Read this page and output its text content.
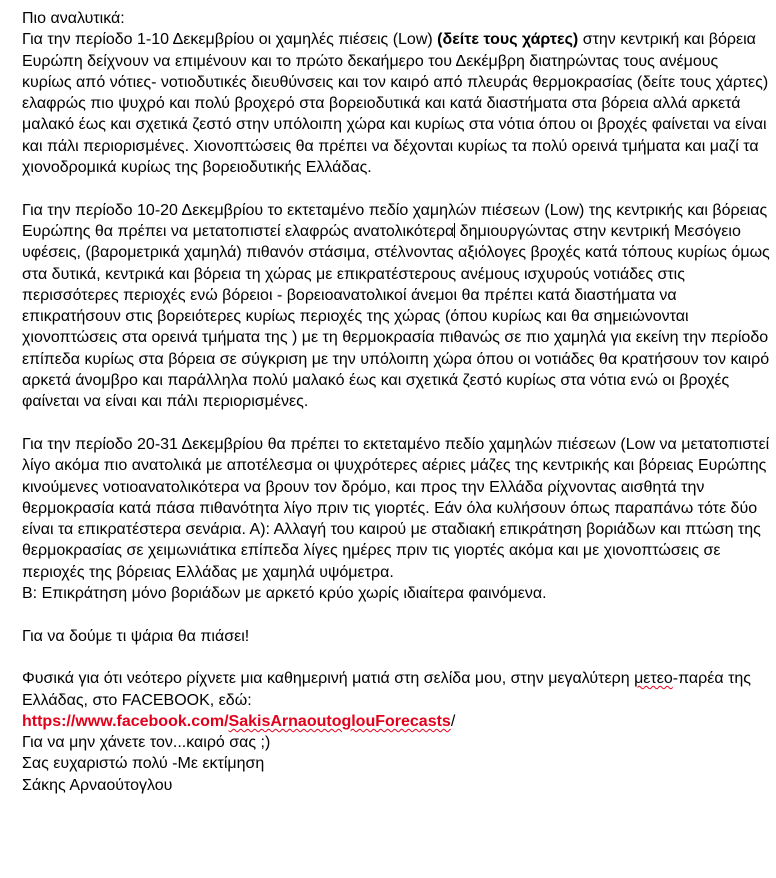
Πιο αναλυτικά:

Για την περίοδο 1-10 Δεκεμβρίου οι χαμηλές πιέσεις (Low) (δείτε τους χάρτες) στην κεντρική και βόρεια Ευρώπη δείχνουν να επιμένουν και το πρώτο δεκαήμερο του Δεκέμβρη διατηρώντας τους ανέμους κυρίως από νότιες- νοτιοδυτικές διευθύνσεις και τον καιρό από πλευράς θερμοκρασίας (δείτε τους χάρτες) ελαφρώς πιο ψυχρό και πολύ βροχερό στα βορειοδυτικά και κατά διαστήματα στα βόρεια αλλά αρκετά μαλακό έως και σχετικά ζεστό στην υπόλοιπη χώρα και κυρίως στα νότια όπου οι βροχές φαίνεται να είναι και πάλι περιορισμένες. Χιονοπτώσεις θα πρέπει να δέχονται κυρίως τα πολύ ορεινά τμήματα και μαζί τα χιονοδρομικά κυρίως της βορειοδυτικής Ελλάδας.

Για την περίοδο 10-20 Δεκεμβρίου το εκτεταμένο πεδίο χαμηλών πιέσεων (Low) της κεντρικής και βόρειας Ευρώπης θα πρέπει να μετατοπιστεί ελαφρώς ανατολικότερα δημιουργώντας στην κεντρική Μεσόγειο υφέσεις, (βαρομετρικά χαμηλά) πιθανόν στάσιμα, στέλνοντας αξιόλογες βροχές κατά τόπους κυρίως όμως στα δυτικά, κεντρικά και βόρεια τη χώρας με επικρατέστερους ανέμους ισχυρούς νοτιάδες στις περισσότερες περιοχές ενώ βόρειοι - βορειοανατολικοί άνεμοι θα πρέπει κατά διαστήματα να επικρατήσουν στις βορειότερες κυρίως περιοχές της χώρας (όπου κυρίως και θα σημειώνονται χιονοπτώσεις στα ορεινά τμήματα της ) με τη θερμοκρασία πιθανώς σε πιο χαμηλά για εκείνη την περίοδο επίπεδα κυρίως στα βόρεια σε σύγκριση με την υπόλοιπη χώρα όπου οι νοτιάδες θα κρατήσουν τον καιρό αρκετά άνομβρο και παράλληλα πολύ μαλακό έως και σχετικά ζεστό κυρίως στα νότια ενώ οι βροχές φαίνεται να είναι και πάλι περιορισμένες.

Για την περίοδο 20-31 Δεκεμβρίου θα πρέπει το εκτεταμένο πεδίο χαμηλών πιέσεων (Low να μετατοπιστεί λίγο ακόμα πιο ανατολικά με αποτέλεσμα οι ψυχρότερες αέριες μάζες της κεντρικής και βόρειας Ευρώπης κινούμενες νοτιοανατολικότερα να βρουν τον δρόμο, και προς την Ελλάδα ρίχνοντας αισθητά την θερμοκρασία κατά πάσα πιθανότητα λίγο πριν τις γιορτές. Εάν όλα κυλήσουν όπως παραπάνω τότε δύο είναι τα επικρατέστερα σενάρια. Α): Αλλαγή του καιρού με σταδιακή επικράτηση βοριάδων και πτώση της θερμοκρασίας σε χειμωνιάτικα επίπεδα λίγες ημέρες πριν τις γιορτές ακόμα και με χιονοπτώσεις σε περιοχές της βόρειας Ελλάδας με χαμηλά υψόμετρα.

Β: Επικράτηση μόνο βοριάδων με αρκετό κρύο χωρίς ιδιαίτερα φαινόμενα.

Για να δούμε τι ψάρια θα πιάσει!

Φυσικά για ότι νεότερο ρίχνετε μια καθημερινή ματιά στη σελίδα μου, στην μεγαλύτερη μετεο-παρέα της Ελλάδας, στο FACEBOOK, εδώ:

https://www.facebook.com/SakisArnaoutoglouForecasts/

Για να μην χάνετε τον...καιρό σας ;)

Σας ευχαριστώ πολύ -Με εκτίμηση

Σάκης Αρναούτογλου
